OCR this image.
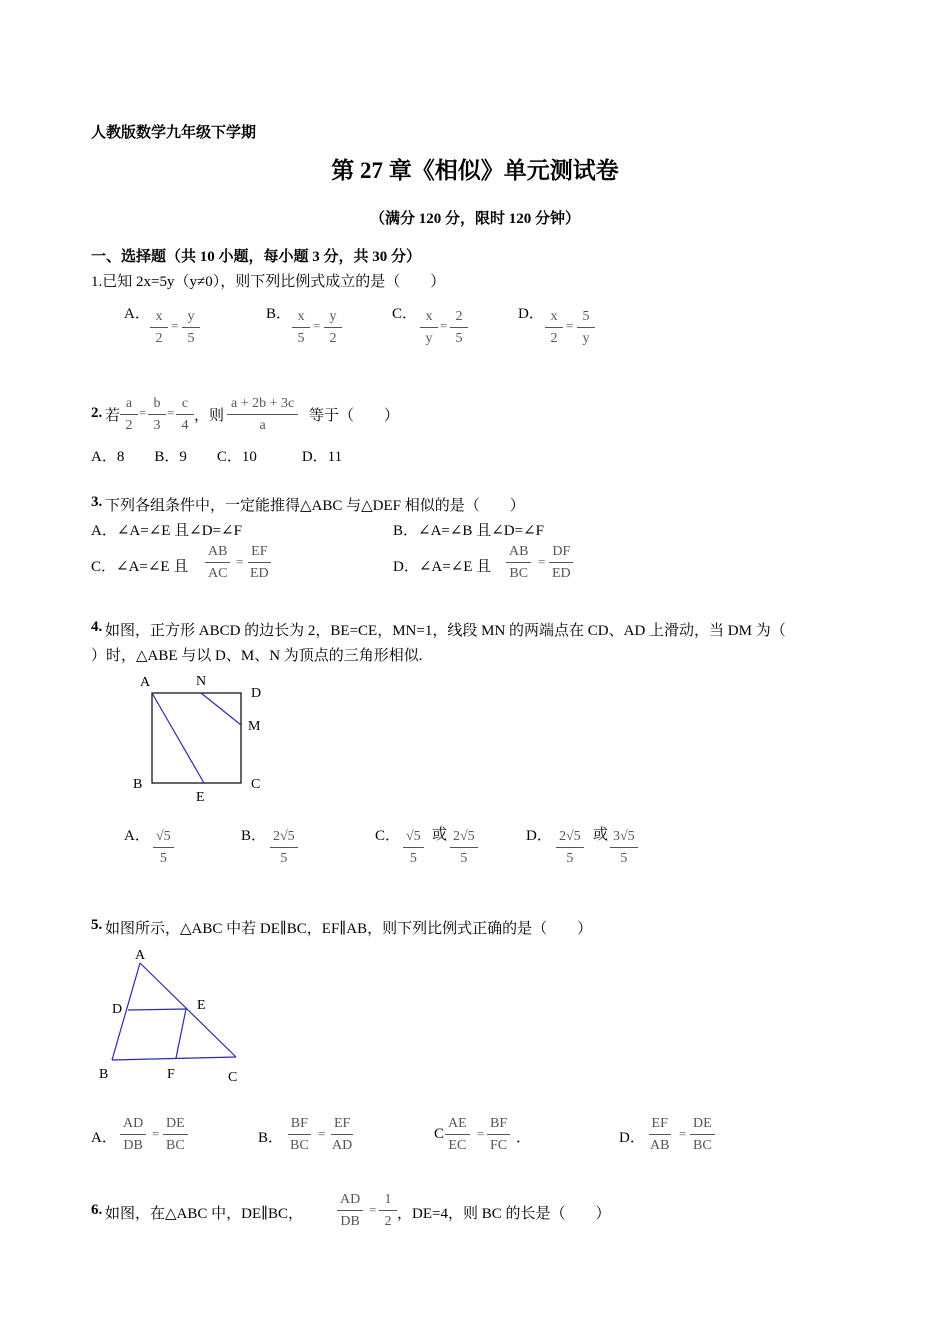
人教版数学九年级下学期
第 27 章《相似》单元测试卷
（满分 120 分，限时 120 分钟）
一、选择题（共 10 小题，每小题 3 分，共 30 分）
1.已知 2x=5y（y≠0），则下列比例式成立的是（　　）
A． $\frac{x}{2} = \frac{y}{5}$	B． $\frac{x}{5} = \frac{y}{2}$	C． $\frac{x}{y} = \frac{2}{5}$	D． $\frac{x}{2} = \frac{5}{y}$
2. 若 $\frac{a}{2} = \frac{b}{3} = \frac{c}{4}$ ，则 $\frac{a + 2b + 3c}{a}$ 等于（　　）
A．8　　B．9　　C．10　　　D．11
3. 下列各组条件中，一定能推得△ABC 与△DEF 相似的是（　　）
A．∠A=∠E 且∠D=∠F	B．∠A=∠B 且∠D=∠F
C．∠A=∠E 且 $\frac{AB}{AC} = \frac{EF}{ED}$	D．∠A=∠E 且 $\frac{AB}{BC} = \frac{DF}{ED}$
4. 如图，正方形 ABCD 的边长为 2，BE=CE，MN=1，线段 MN 的两端点在 CD、AD 上滑动，当 DM 为（
）时，△ABE 与以 D、M、N 为顶点的三角形相似.
A	N
D
M
B
E
C
A． $\frac{√5}{5}$	B． $\frac{2√5}{5}$	C． $\frac{√5}{5}$ 或 $\frac{2√5}{5}$	D． $\frac{2√5}{5}$ 或 $\frac{3√5}{5}$
5. 如图所示，△ABC 中若 DE∥BC，EF∥AB，则下列比例式正确的是（　　）
A
D	E
B	F	C
A． $\frac{AD}{DB} = \frac{DE}{BC}$	B． $\frac{BF}{BC} = \frac{EF}{AD}$	C $\frac{AE}{EC} = \frac{BF}{FC}$ ．	D． $\frac{EF}{AB} = \frac{DE}{BC}$
6. 如图，在△ABC 中，DE∥BC， $\frac{AD}{DB} = \frac{1}{2}$ ，DE=4，则 BC 的长是（　　）
